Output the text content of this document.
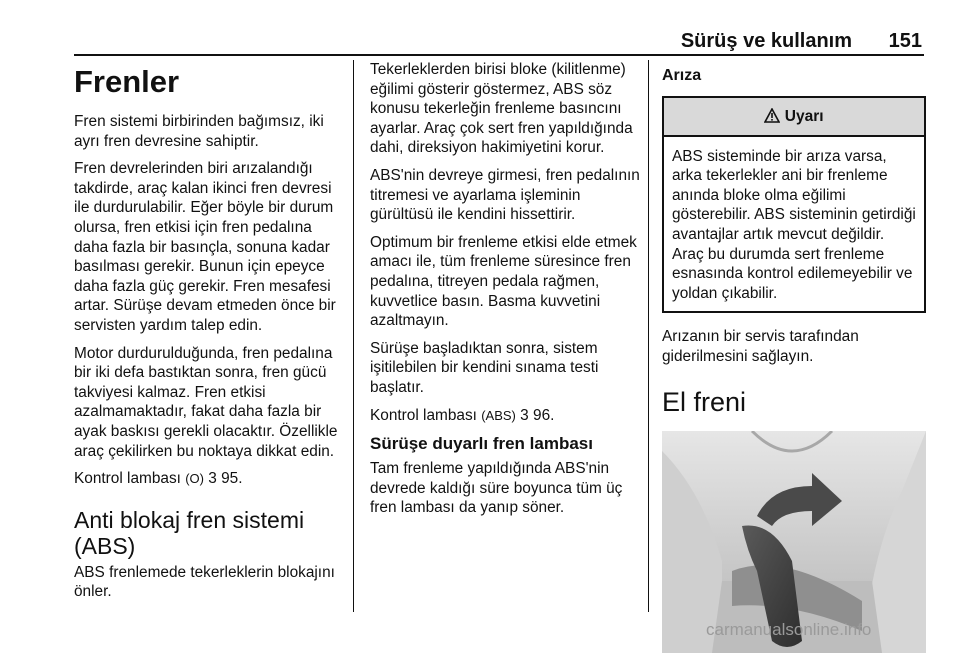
Sürüş ve kullanım 151
Frenler

Fren sistemi birbirinden bağımsız, iki ayrı fren devresine sahiptir.

Fren devrelerinden biri arızalandığı takdirde, araç kalan ikinci fren devresi ile durdurulabilir. Eğer böyle bir durum olursa, fren etkisi için fren pedalına daha fazla bir basınçla, sonuna kadar basılması gerekir. Bunun için epeyce daha fazla güç gerekir. Fren mesafesi artar. Sürüşe devam etmeden önce bir servisten yardım talep edin.

Motor durdurulduğunda, fren pedalına bir iki defa bastıktan sonra, fren gücü takviyesi kalmaz. Fren etkisi azalmamaktadır, fakat daha fazla bir ayak baskısı gerekli olacaktır. Özellikle araç çekilirken bu noktaya dikkat edin.

Kontrol lambası (O) 3 95.

Anti blokaj fren sistemi (ABS)

ABS frenlemede tekerleklerin blokajını önler.

Tekerleklerden birisi bloke (kilitlenme) eğilimi gösterir göstermez, ABS söz konusu tekerleğin frenleme basıncını ayarlar. Araç çok sert fren yapıldığında dahi, direksiyon hakimiyetini korur.

ABS'nin devreye girmesi, fren pedalının titremesi ve ayarlama işleminin gürültüsü ile kendini hissettirir.

Optimum bir frenleme etkisi elde etmek amacı ile, tüm frenleme süresince fren pedalına, titreyen pedala rağmen, kuvvetlice basın. Basma kuvvetini azaltmayın.

Sürüşe başladıktan sonra, sistem işitilebilen bir kendini sınama testi başlatır.

Kontrol lambası (ABS) 3 96.

Sürüşe duyarlı fren lambası

Tam frenleme yapıldığında ABS'nin devrede kaldığı süre boyunca tüm üç fren lambası da yanıp söner.

Arıza
Uyarı
ABS sisteminde bir arıza varsa, arka tekerlekler ani bir frenleme anında bloke olma eğilimi gösterebilir. ABS sisteminin getirdiği avantajlar artık mevcut değildir. Araç bu durumda sert frenleme esnasında kontrol edilemeyebilir ve yoldan çıkabilir.

Arızanın bir servis tarafından giderilmesini sağlayın.

El freni
carmanualsonline.info
